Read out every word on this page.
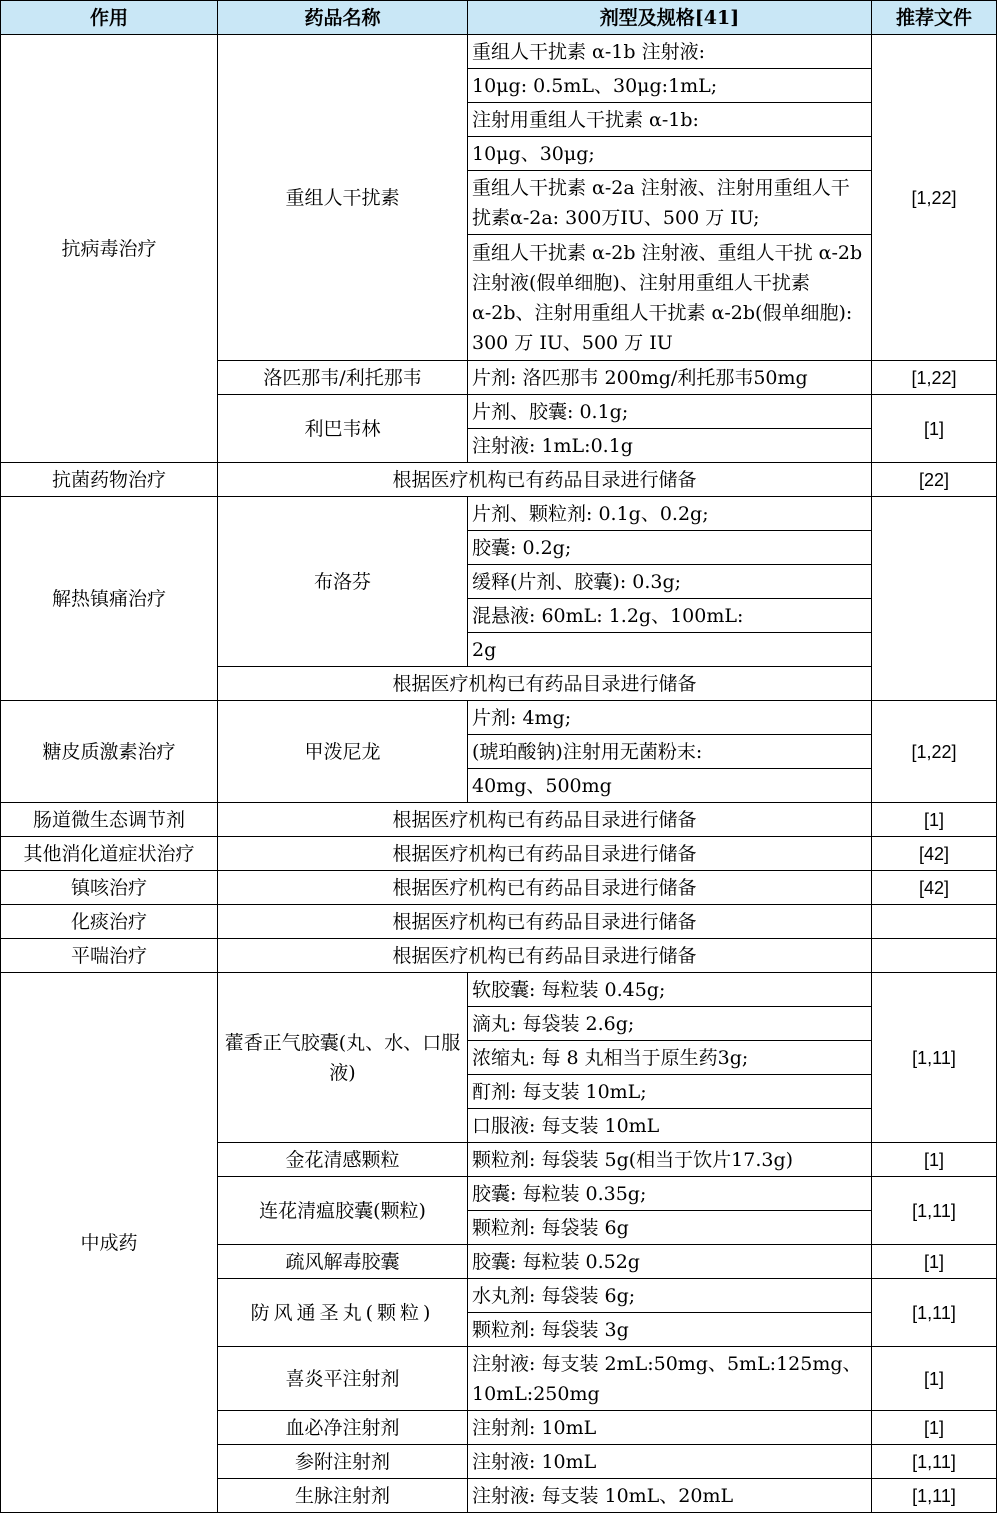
作用	药品名称	剂型及规格[41]	推荐文件
抗病毒治疗	重组人干扰素	重组人干扰素 α-1b 注射液:	[1,22]
		10μg: 0.5mL、30μg:1mL;	
		注射用重组人干扰素 α-1b:	
		10μg、30μg;	
		重组人干扰素 α-2a 注射液、注射用重组人干扰素α-2a: 300万IU、500 万 IU;	
		重组人干扰素 α-2b 注射液、重组人干扰 α-2b 注射液(假单细胞)、注射用重组人干扰素 α-2b、注射用重组人干扰素 α-2b(假单细胞): 300 万 IU、500 万 IU	
	洛匹那韦/利托那韦	片剂: 洛匹那韦 200mg/利托那韦50mg	[1,22]
	利巴韦林	片剂、胶囊: 0.1g;	[1]
		注射液: 1mL:0.1g	
抗菌药物治疗	根据医疗机构已有药品目录进行储备		[22]
解热镇痛治疗	布洛芬	片剂、颗粒剂: 0.1g、0.2g;	
		胶囊: 0.2g;	
		缓释(片剂、胶囊): 0.3g;	
		混悬液: 60mL: 1.2g、100mL:	
		2g	
	根据医疗机构已有药品目录进行储备		
糖皮质激素治疗	甲泼尼龙	片剂: 4mg;	[1,22]
		(琥珀酸钠)注射用无菌粉末:	
		40mg、500mg	
肠道微生态调节剂	根据医疗机构已有药品目录进行储备		[1]
其他消化道症状治疗	根据医疗机构已有药品目录进行储备		[42]
镇咳治疗	根据医疗机构已有药品目录进行储备		[42]
化痰治疗	根据医疗机构已有药品目录进行储备		
平喘治疗	根据医疗机构已有药品目录进行储备		
中成药	藿香正气胶囊(丸、水、口服液)	软胶囊: 每粒装 0.45g;	[1,11]
		滴丸: 每袋装 2.6g;	
		浓缩丸: 每 8 丸相当于原生药3g;	
		酊剂: 每支装 10mL;	
		口服液: 每支装 10mL	
	金花清感颗粒	颗粒剂: 每袋装 5g(相当于饮片17.3g)	[1]
	连花清瘟胶囊(颗粒)	胶囊: 每粒装 0.35g;	[1,11]
		颗粒剂: 每袋装 6g	
	疏风解毒胶囊	胶囊: 每粒装 0.52g	[1]
	防风通圣丸(颗粒)	水丸剂: 每袋装 6g;	[1,11]
		颗粒剂: 每袋装 3g	
	喜炎平注射剂	注射液: 每支装 2mL:50mg、5mL:125mg、10mL:250mg	[1]
	血必净注射剂	注射剂: 10mL	[1]
	参附注射剂	注射液: 10mL	[1,11]
	生脉注射剂	注射液: 每支装 10mL、20mL	[1,11]
